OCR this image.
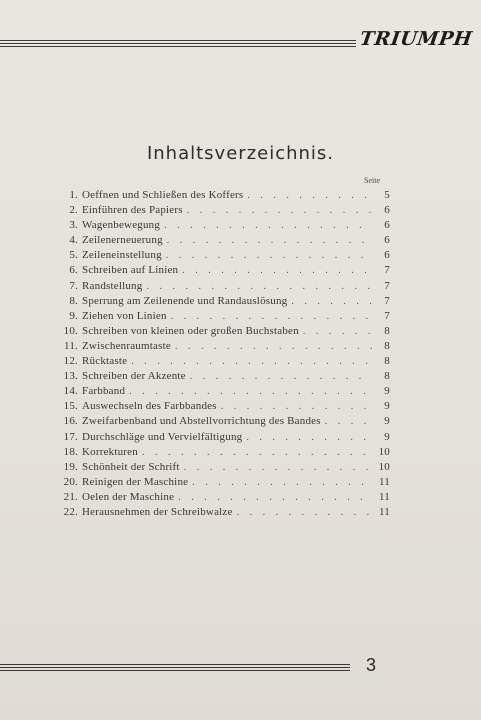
TRIUMPH
Inhaltsverzeichnis.
Seite
1. Oeffnen und Schließen des Koffers . . .	5
2. Einführen des Papiers . . .	6
3. Wagenbewegung . . .	6
4. Zeilenerneuerung . . .	6
5. Zeileneinstellung . . .	6
6. Schreiben auf Linien . . .	7
7. Randstellung . . .	7
8. Sperrung am Zeilenende und Randauslösung . . .	7
9. Ziehen von Linien . . .	7
10. Schreiben von kleinen oder großen Buchstaben . . .	8
11. Zwischenraumtaste . . .	8
12. Rücktaste . . .	8
13. Schreiben der Akzente . . .	8
14. Farbband . . .	9
15. Auswechseln des Farbbandes . . .	9
16. Zweifarbenband und Abstellvorrichtung des Bandes . . .	9
17. Durchschläge und Vervielfältigung . . .	9
18. Korrekturen . . .	10
19. Schönheit der Schrift . . .	10
20. Reinigen der Maschine . . .	11
21. Oelen der Maschine . . .	11
22. Herausnehmen der Schreibwalze . . .	11
3
